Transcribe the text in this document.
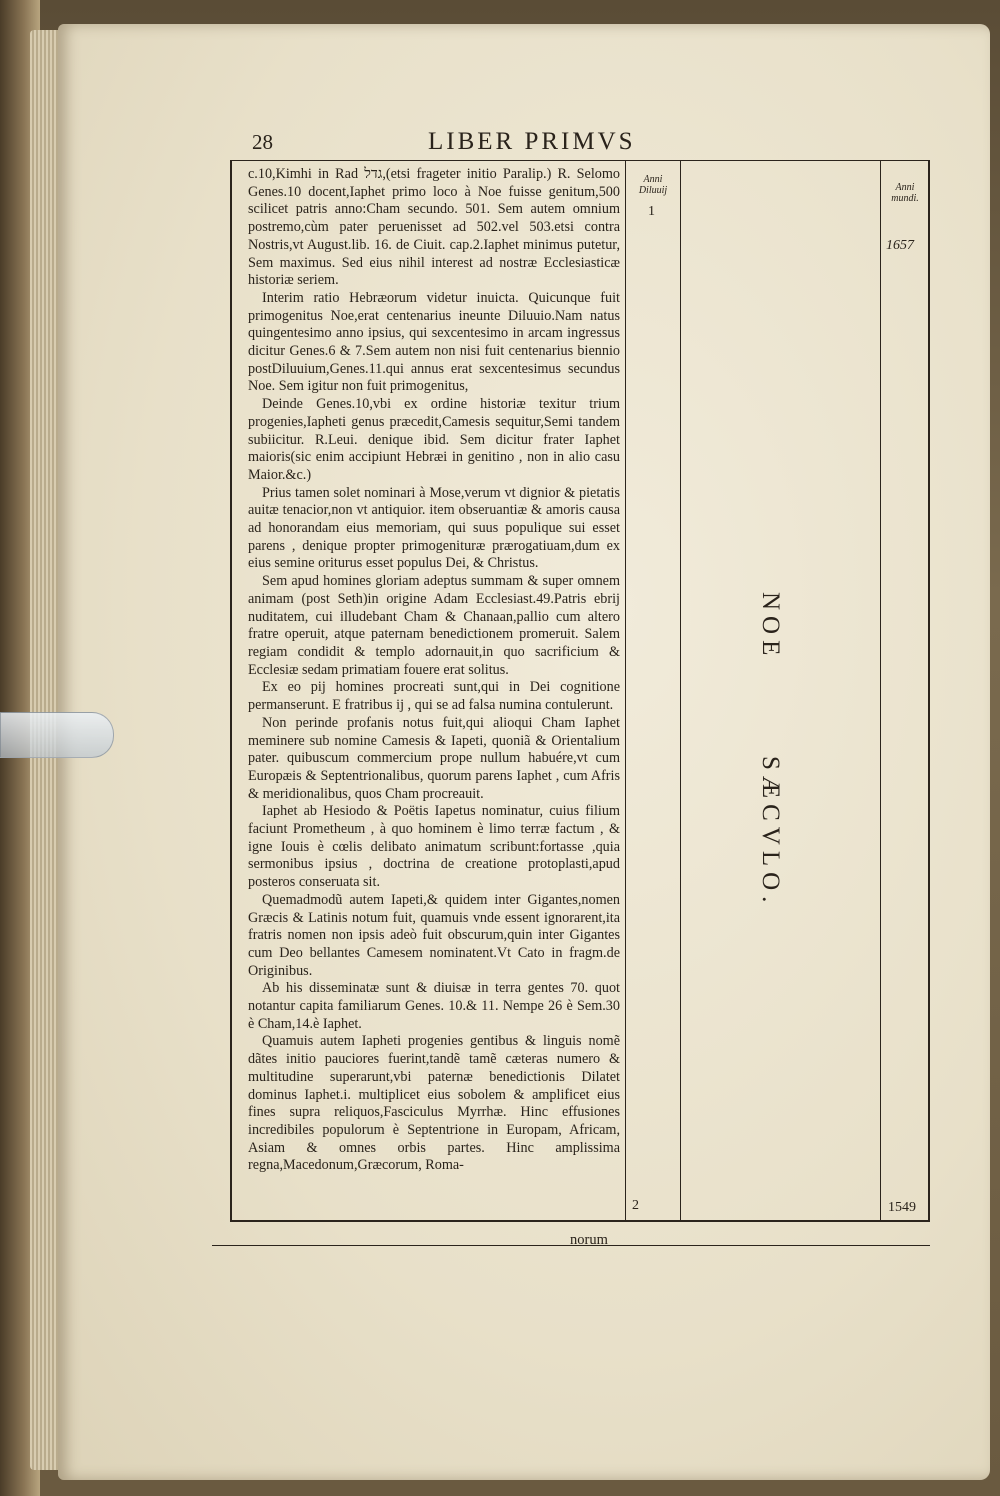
28	LIBER PRIMVS

c.10,Kimhi in Rad גדל,(etsi frageter initio Paralip.) R. Selomo Genes.10 docent,Iaphet primo loco à Noe fuisse genitum,500 scilicet patris anno:Cham secundo. 501. Sem autem omnium postremo,cùm pater peruenisset ad 502.vel 503.etsi contra Nostris,vt August.lib. 16. de Ciuit. cap.2.Iaphet minimus putetur, Sem maximus. Sed eius nihil interest ad nostræ Ecclesiasticæ historiæ seriem.

Interim ratio Hebræorum videtur inuicta. Quicunque fuit primogenitus Noe,erat centenarius ineunte Diluuio.Nam natus quingentesimo anno ipsius, qui sexcentesimo in arcam ingressus dicitur Genes.6 & 7.Sem autem non nisi fuit centenarius biennio postDiluuium,Genes.11.qui annus erat sexcentesimus secundus Noe. Sem igitur non fuit primogenitus,

Deinde Genes.10,vbi ex ordine historiæ texitur trium progenies,Iapheti genus præcedit,Camesis sequitur,Semi tandem subiicitur. R.Leui. denique ibid. Sem dicitur frater Iaphet maioris(sic enim accipiunt Hebræi in genitino , non in alio casu Maior.&c.)

Prius tamen solet nominari à Mose,verum vt dignior & pietatis auitæ tenacior,non vt antiquior. item obseruantiæ & amoris causa ad honorandam eius memoriam, qui suus populique sui esset parens , denique propter primogenituræ prærogatiuam,dum ex eius semine oriturus esset populus Dei, & Christus.

Sem apud homines gloriam adeptus summam & super omnem animam (post Seth)in origine Adam Ecclesiast.49.Patris ebrij nuditatem, cui illudebant Cham & Chanaan,pallio cum altero fratre operuit, atque paternam benedictionem promeruit. Salem regiam condidit & templo adornauit,in quo sacrificium & Ecclesiæ sedam primatiam fouere erat solitus.

Ex eo pij homines procreati sunt,qui in Dei cognitione permanserunt. E fratribus ij , qui se ad falsa numina contulerunt.

Non perinde profanis notus fuit,qui alioqui Cham Iaphet meminere sub nomine Camesis & Iapeti, quoniã & Orientalium pater. quibuscum commercium prope nullum habuére,vt cum Europæis & Septentrionalibus, quorum parens Iaphet , cum Afris & meridionalibus, quos Cham procreauit.

Iaphet ab Hesiodo & Poëtis Iapetus nominatur, cuius filium faciunt Prometheum , à quo hominem è limo terræ factum , & igne Iouis è cœlis delibato animatum scribunt:fortasse ,quia sermonibus ipsius , doctrina de creatione protoplasti,apud posteros conseruata sit.

Quemadmodũ autem Iapeti,& quidem inter Gigantes,nomen Græcis & Latinis notum fuit, quamuis vnde essent ignorarent,ita fratris nomen non ipsis adeò fuit obscurum,quin inter Gigantes cum Deo bellantes Camesem nominatent.Vt Cato in fragm.de Originibus.

Ab his disseminatæ sunt & diuisæ in terra gentes 70. quot notantur capita familiarum Genes. 10.& 11. Nempe 26 è Sem.30 è Cham,14.è Iaphet.

Quamuis autem Iapheti progenies gentibus & linguis nomẽ dãtes initio pauciores fuerint,tandẽ tamẽ cæteras numero & multitudine superarunt,vbi paternæ benedictionis Dilatet dominus Iaphet.i. multiplicet eius sobolem & amplificet eius fines supra reliquos,Fasciculus Myrrhæ. Hinc effusiones incredibiles populorum è Septentrione in Europam, Africam, Asiam & omnes orbis partes. Hinc amplissima regna,Macedonum,Græcorum, Roma-

Anni
Diluuij
1
2
Anni
mundi.
1657
1549
NOE
SÆCVLO.
norum
